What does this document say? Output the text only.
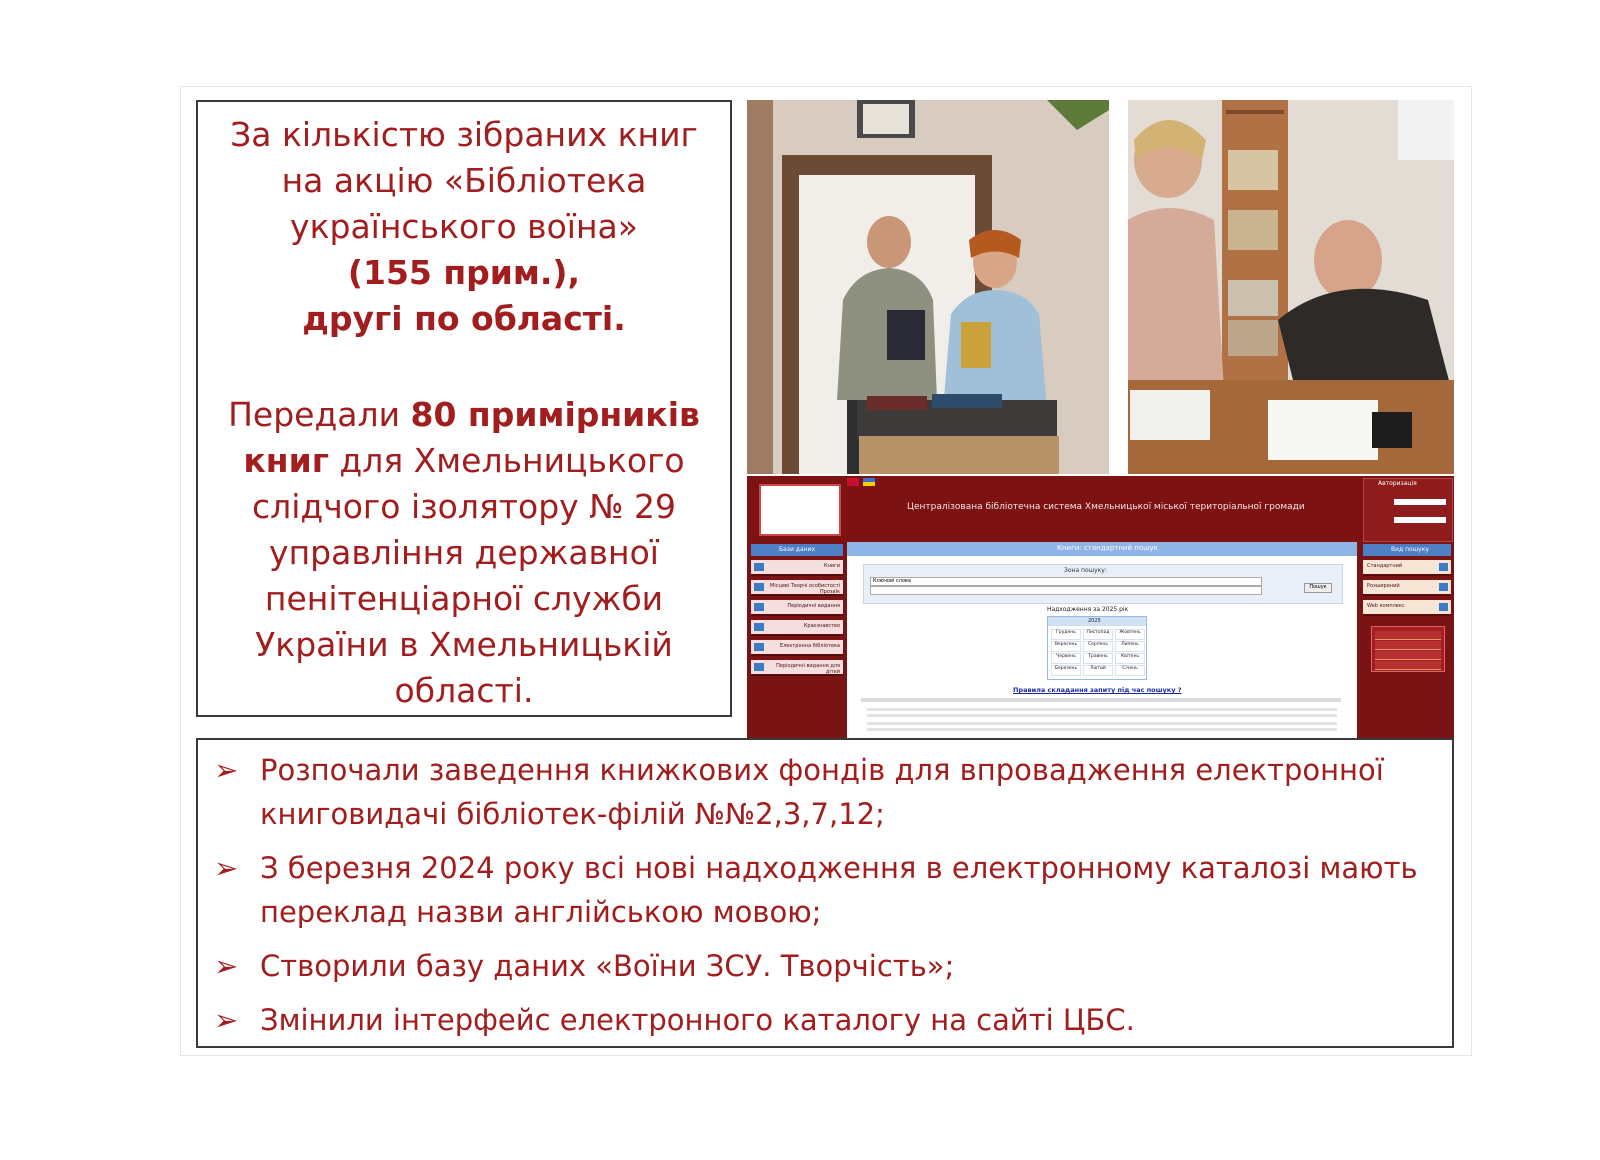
За кількістю зібраних книг
на акцію «Бібліотека
українського воїна»
(155 прим.),
другі по області.

Передали 80 примірників
книг для Хмельницького
слідчого ізолятору № 29
управління державної
пенітенціарної служби
України в Хмельницькій
області.

Централізована бібліотечна система Хмельницької міської територіальної громади
Авторизація
Книги: стандартний пошук
Бази даних
Книги
Місцеві Творчі особистості Прозаїк
Періодичні видання
Краєзнавство
Електронна бібліотека
Періодичні видання для дітей
Вид пошуку
Стандартний
Розширений
Web комплекс
Зона пошуку:
Ключові слова
Пошук
Надходження за 2025 рік
2025
Грудень	Листопад	Жовтень
Вересень	Серпень	Липень
Червень	Травень	Квітень
Березень	Лютий	Січень
Правила складання запиту під час пошуку ?
➢ Розпочали заведення книжкових фондів для впровадження електронної книговидачі бібліотек-філій №№2,3,7,12;
➢ З березня 2024 року всі нові надходження в електронному каталозі мають переклад назви англійською мовою;
➢ Створили базу даних «Воїни ЗСУ. Творчість»;
➢ Змінили інтерфейс електронного каталогу на сайті ЦБС.
